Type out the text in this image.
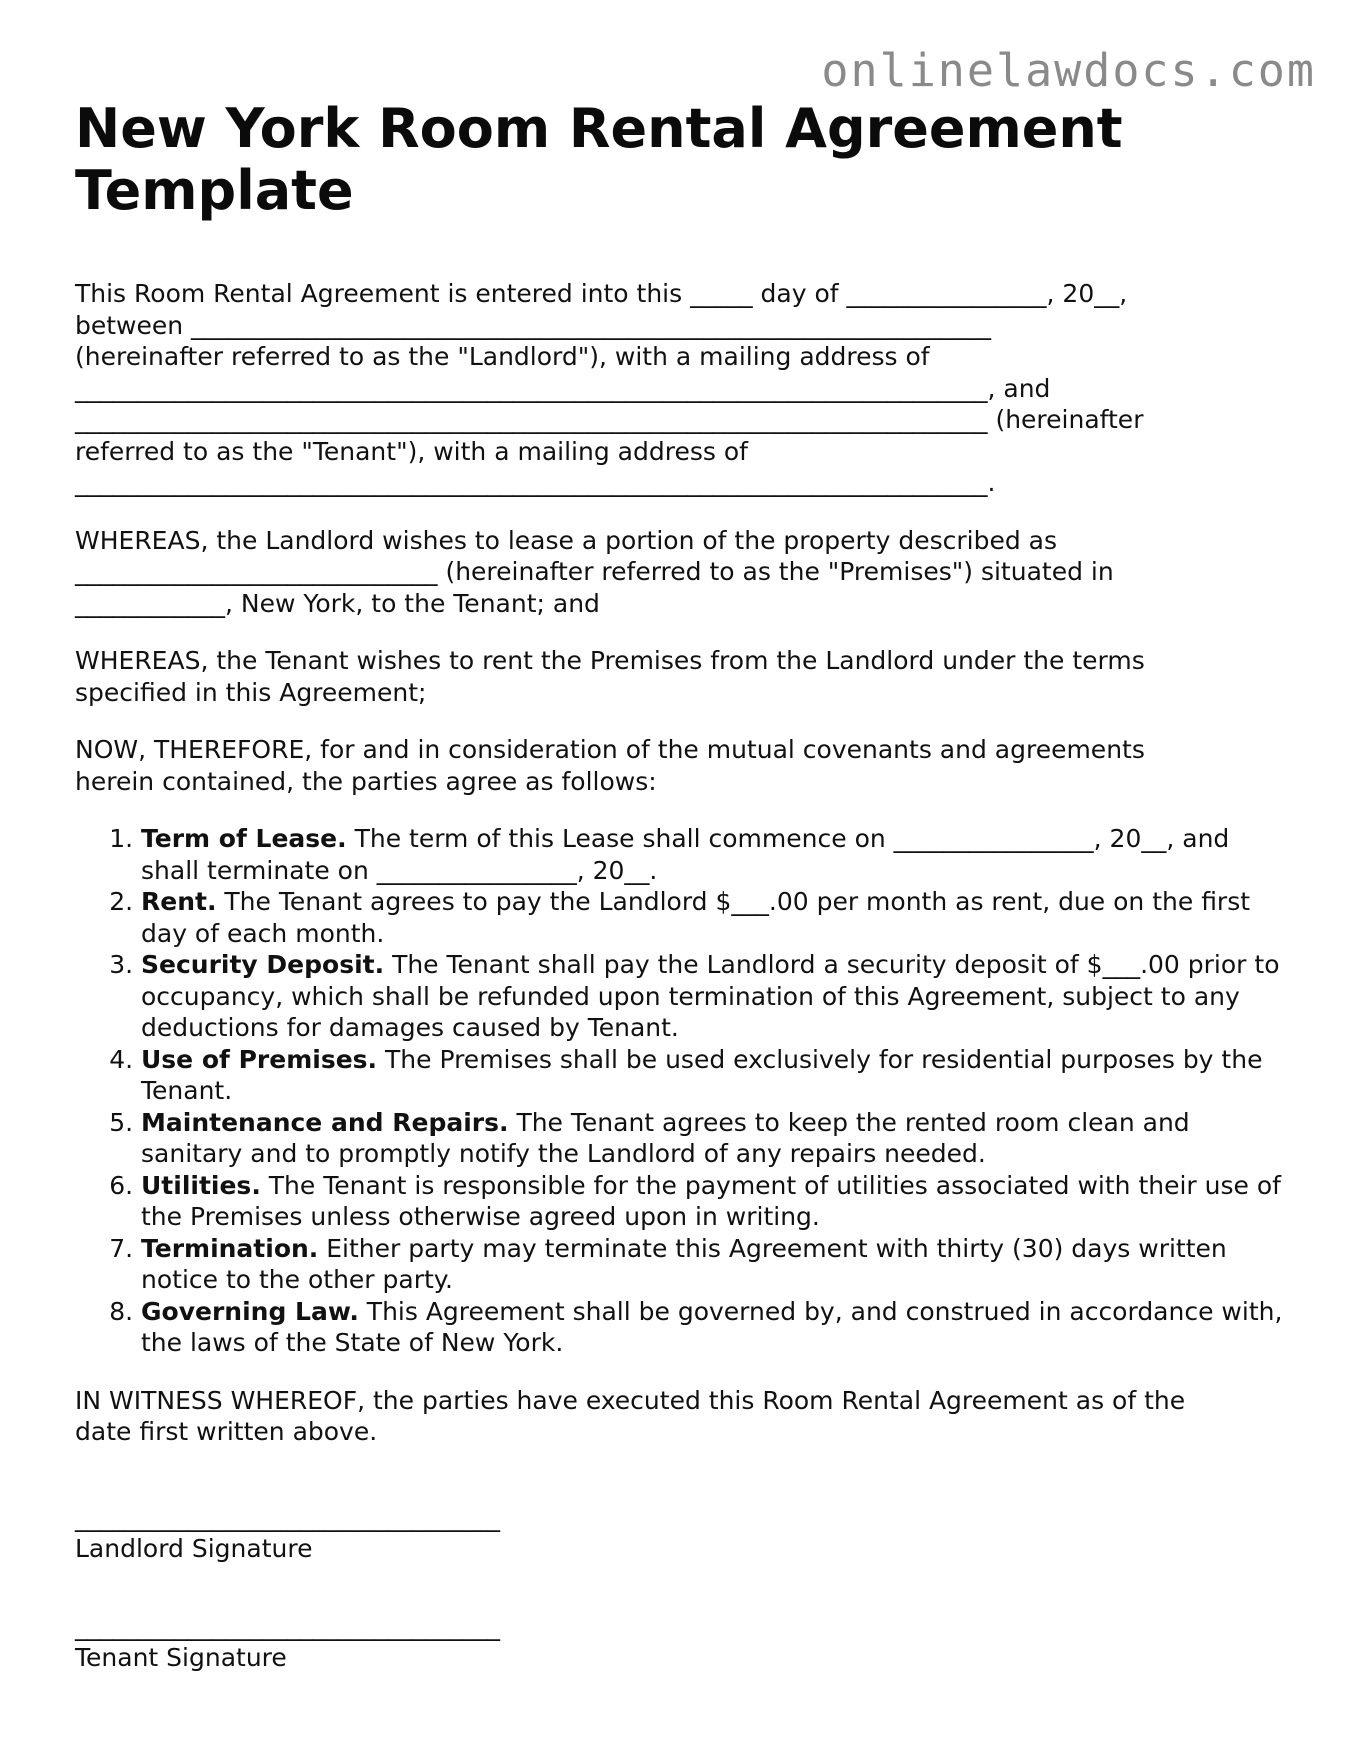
onlinelawdocs.com
New York Room Rental Agreement Template

This Room Rental Agreement is entered into this _____ day of ________________, 20__,
between ________________________________________________________________
(hereinafter referred to as the "Landlord"), with a mailing address of
_________________________________________________________________________, and
_________________________________________________________________________ (hereinafter
referred to as the "Tenant"), with a mailing address of
_________________________________________________________________________.

WHEREAS, the Landlord wishes to lease a portion of the property described as
_____________________________ (hereinafter referred to as the "Premises") situated in
____________, New York, to the Tenant; and

WHEREAS, the Tenant wishes to rent the Premises from the Landlord under the terms
specified in this Agreement;

NOW, THEREFORE, for and in consideration of the mutual covenants and agreements
herein contained, the parties agree as follows:

1. Term of Lease. The term of this Lease shall commence on ________________, 20__, and shall terminate on ________________, 20__.
2. Rent. The Tenant agrees to pay the Landlord $___.00 per month as rent, due on the first day of each month.
3. Security Deposit. The Tenant shall pay the Landlord a security deposit of $___.00 prior to occupancy, which shall be refunded upon termination of this Agreement, subject to any deductions for damages caused by Tenant.
4. Use of Premises. The Premises shall be used exclusively for residential purposes by the Tenant.
5. Maintenance and Repairs. The Tenant agrees to keep the rented room clean and sanitary and to promptly notify the Landlord of any repairs needed.
6. Utilities. The Tenant is responsible for the payment of utilities associated with their use of the Premises unless otherwise agreed upon in writing.
7. Termination. Either party may terminate this Agreement with thirty (30) days written notice to the other party.
8. Governing Law. This Agreement shall be governed by, and construed in accordance with, the laws of the State of New York.

IN WITNESS WHEREOF, the parties have executed this Room Rental Agreement as of the
date first written above.

__________________________________
Landlord Signature
__________________________________
Tenant Signature
